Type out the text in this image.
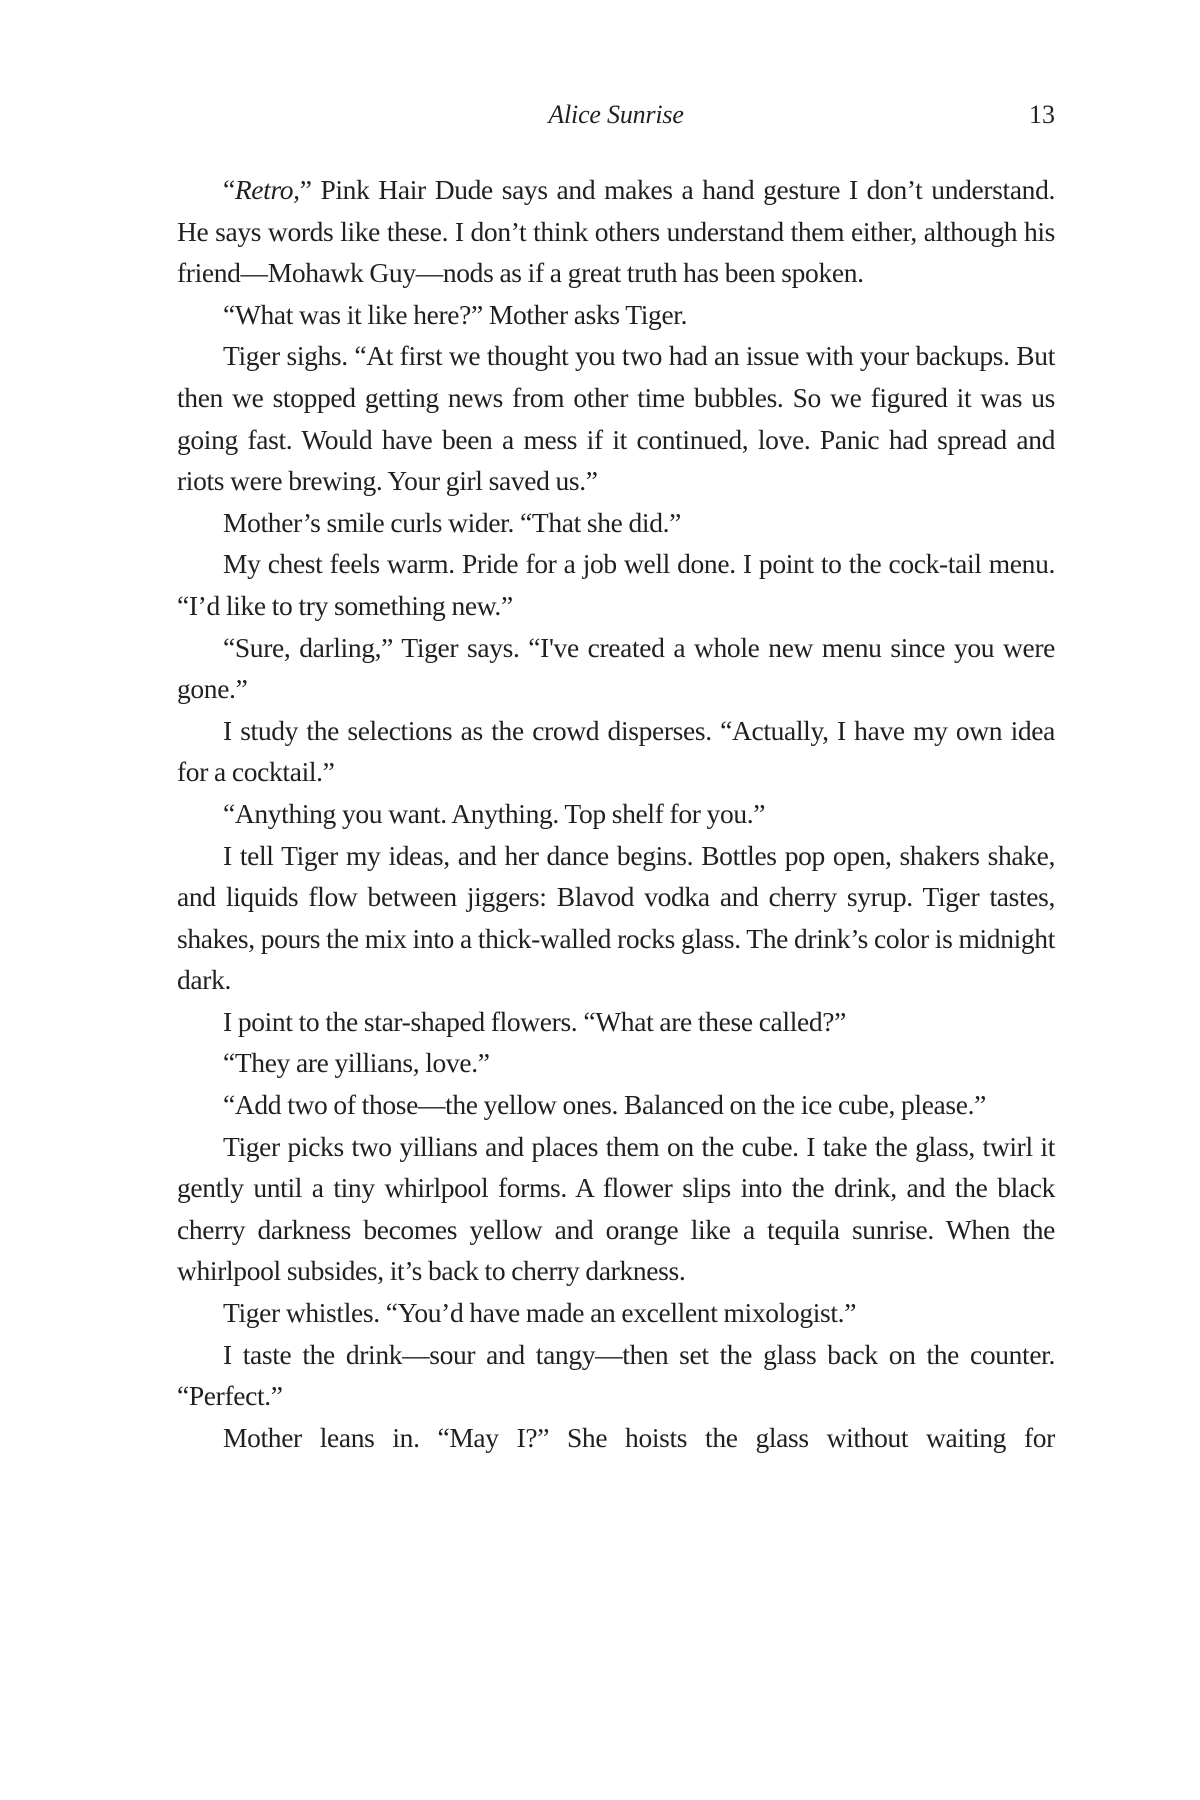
Alice Sunrise	13

“Retro,” Pink Hair Dude says and makes a hand gesture I don’t understand. He says words like these. I don’t think others understand them either, although his friend—Mohawk Guy—nods as if a great truth has been spoken.

“What was it like here?” Mother asks Tiger.

Tiger sighs. “At first we thought you two had an issue with your backups. But then we stopped getting news from other time bubbles. So we figured it was us going fast. Would have been a mess if it continued, love. Panic had spread and riots were brewing. Your girl saved us.”

Mother’s smile curls wider. “That she did.”

My chest feels warm. Pride for a job well done. I point to the cock-tail menu. “I’d like to try something new.”

“Sure, darling,” Tiger says. “I've created a whole new menu since you were gone.”

I study the selections as the crowd disperses. “Actually, I have my own idea for a cocktail.”

“Anything you want. Anything. Top shelf for you.”

I tell Tiger my ideas, and her dance begins. Bottles pop open, shakers shake, and liquids flow between jiggers: Blavod vodka and cherry syrup. Tiger tastes, shakes, pours the mix into a thick-walled rocks glass. The drink’s color is midnight dark.

I point to the star-shaped flowers. “What are these called?”

“They are yillians, love.”

“Add two of those—the yellow ones. Balanced on the ice cube, please.”

Tiger picks two yillians and places them on the cube. I take the glass, twirl it gently until a tiny whirlpool forms. A flower slips into the drink, and the black cherry darkness becomes yellow and orange like a tequila sunrise. When the whirlpool subsides, it’s back to cherry darkness.

Tiger whistles. “You’d have made an excellent mixologist.”

I taste the drink—sour and tangy—then set the glass back on the counter. “Perfect.”

Mother leans in. “May I?” She hoists the glass without waiting for
